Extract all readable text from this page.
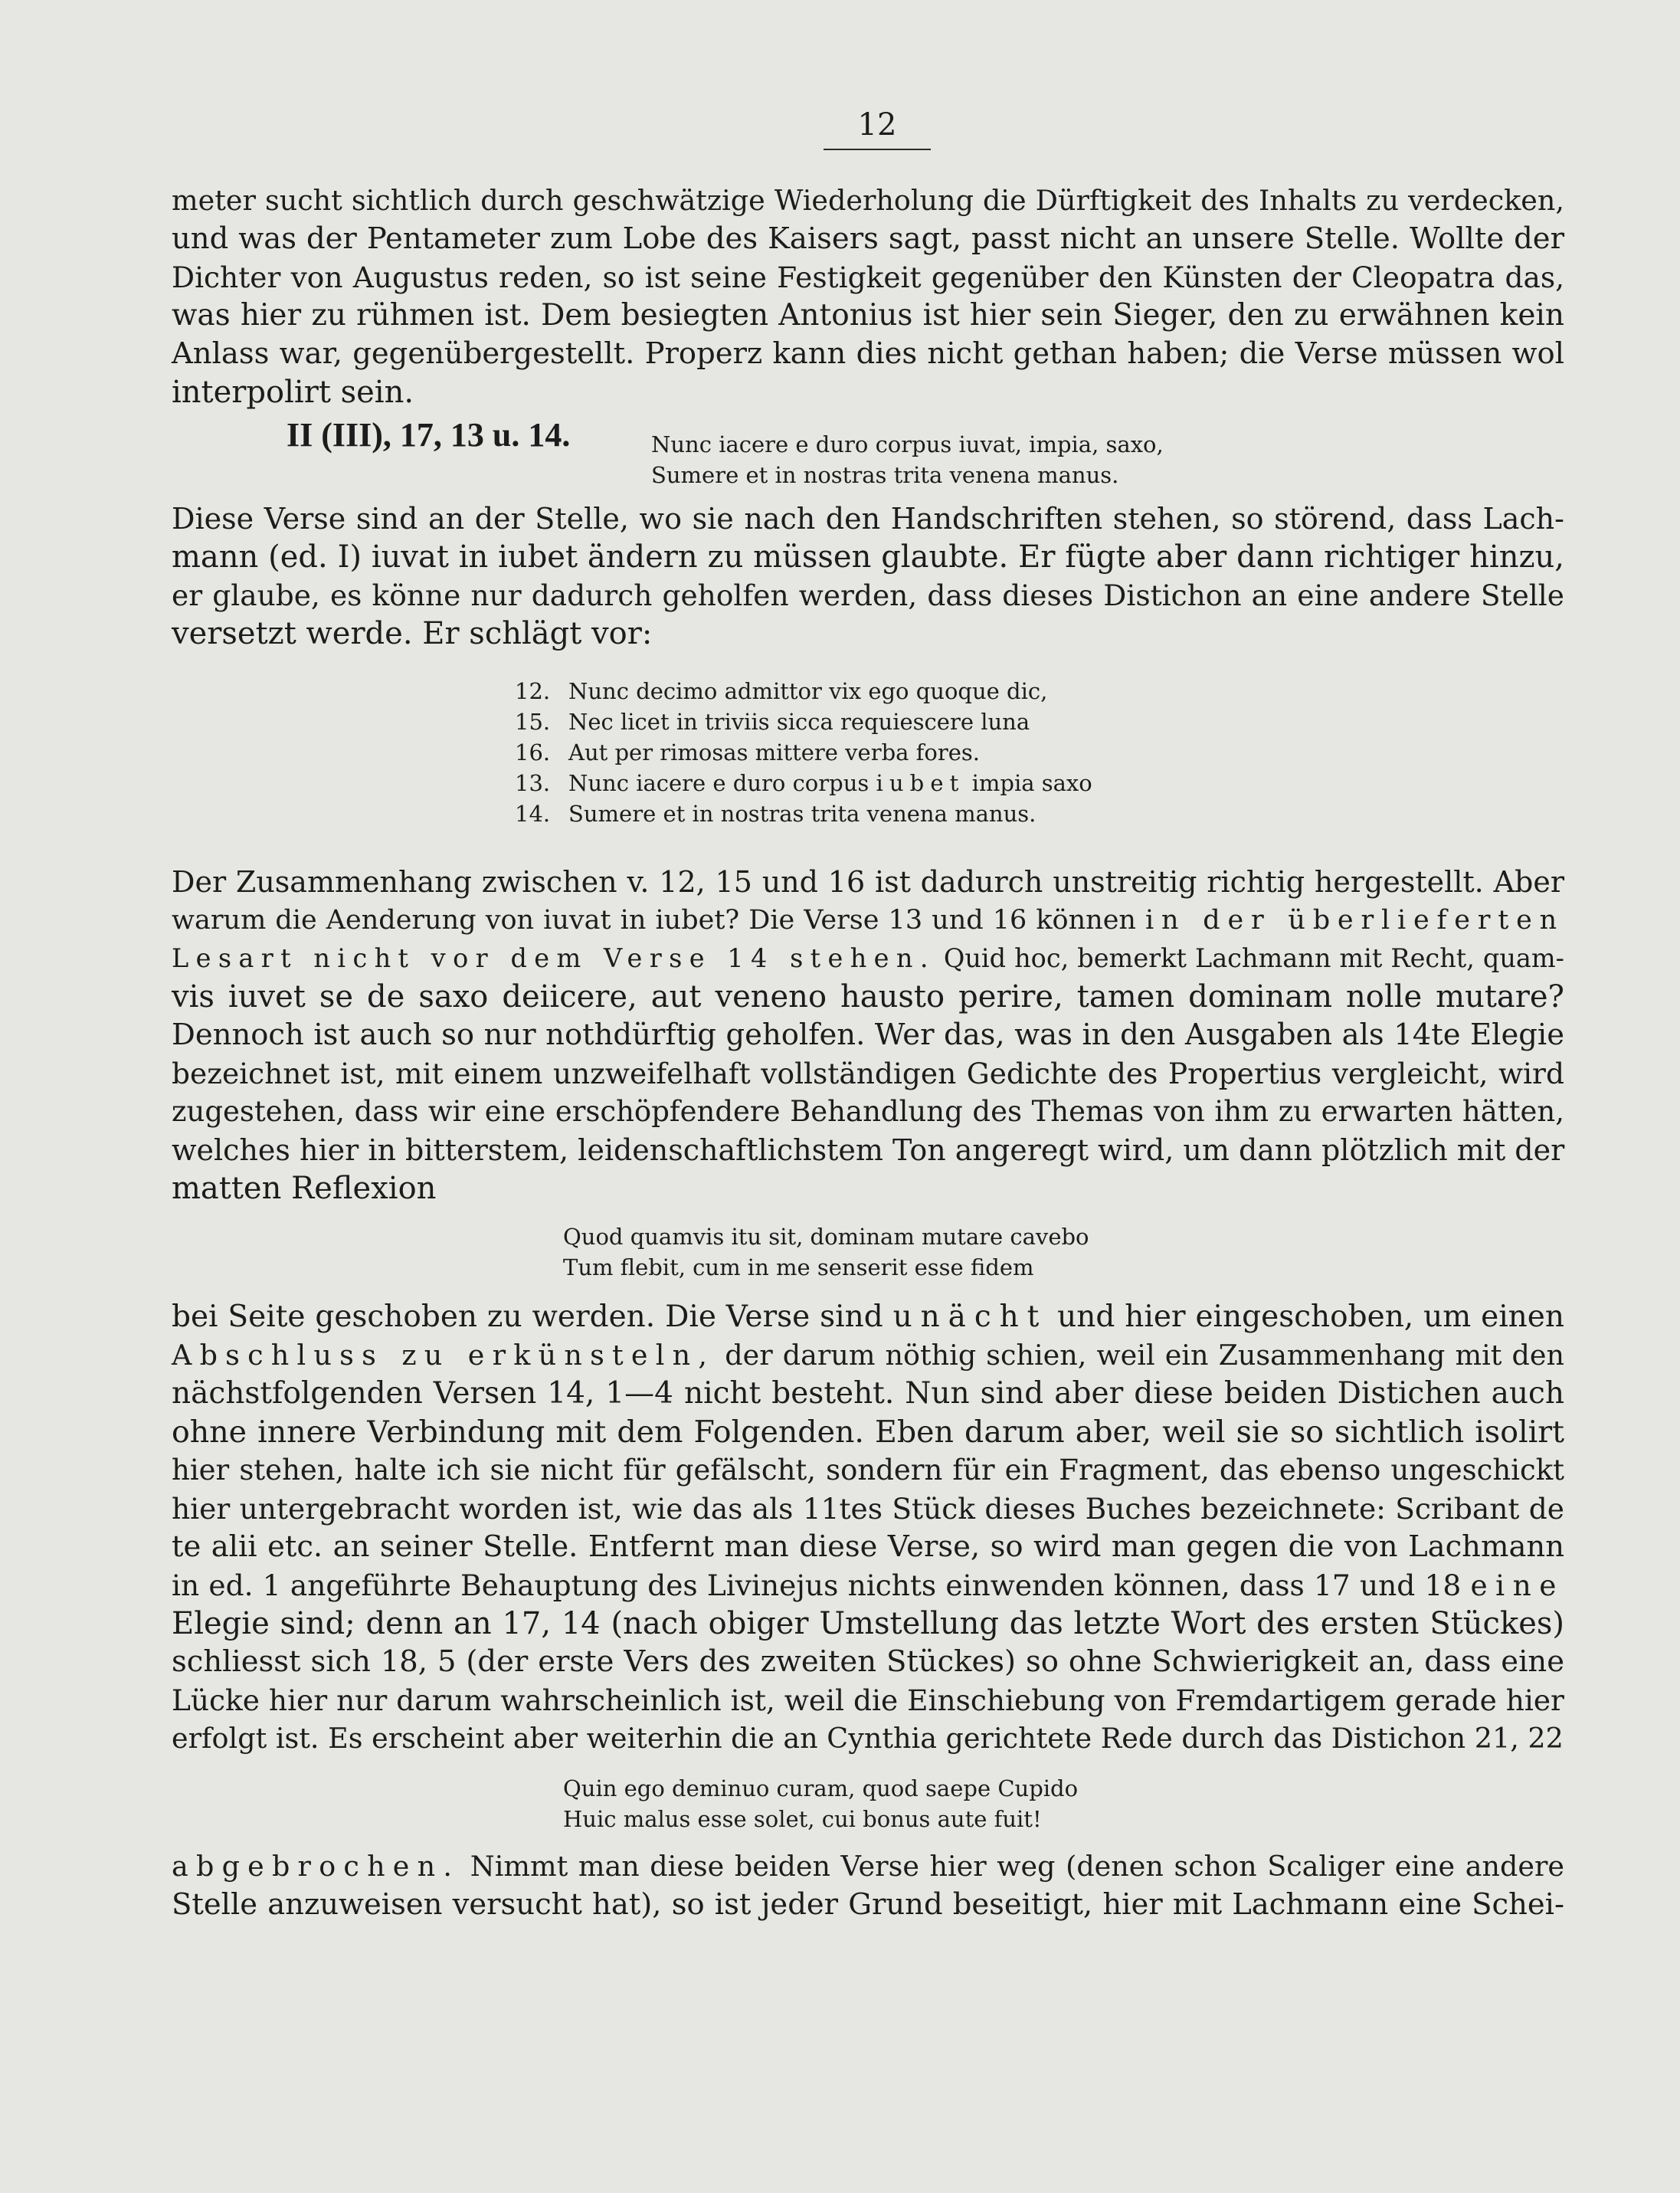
12
meter sucht sichtlich durch geschwätzige Wiederholung die Dürftigkeit des Inhalts zu verdecken,
und was der Pentameter zum Lobe des Kaisers sagt, passt nicht an unsere Stelle. Wollte der
Dichter von Augustus reden, so ist seine Festigkeit gegenüber den Künsten der Cleopatra das,
was hier zu rühmen ist. Dem besiegten Antonius ist hier sein Sieger, den zu erwähnen kein
Anlass war, gegenübergestellt. Properz kann dies nicht gethan haben; die Verse müssen wol
interpolirt sein.
II (III), 17, 13 u. 14.	Nunc iacere e duro corpus iuvat, impia, saxo,
Sumere et in nostras trita venena manus.
Diese Verse sind an der Stelle, wo sie nach den Handschriften stehen, so störend, dass Lach-
mann (ed. I) iuvat in iubet ändern zu müssen glaubte. Er fügte aber dann richtiger hinzu,
er glaube, es könne nur dadurch geholfen werden, dass dieses Distichon an eine andere Stelle
versetzt werde. Er schlägt vor:
12. Nunc decimo admittor vix ego quoque dic,
15. Nec licet in triviis sicca requiescere luna
16. Aut per rimosas mittere verba fores.
13. Nunc iacere e duro corpus iubet impia saxo
14. Sumere et in nostras trita venena manus.
Der Zusammenhang zwischen v. 12, 15 und 16 ist dadurch unstreitig richtig hergestellt. Aber
warum die Aenderung von iuvat in iubet? Die Verse 13 und 16 können in der überlieferten
Lesart nicht vor dem Verse 14 stehen. Quid hoc, bemerkt Lachmann mit Recht, quam-
vis iuvet se de saxo deiicere, aut veneno hausto perire, tamen dominam nolle mutare?
Dennoch ist auch so nur nothdürftig geholfen. Wer das, was in den Ausgaben als 14te Elegie
bezeichnet ist, mit einem unzweifelhaft vollständigen Gedichte des Propertius vergleicht, wird
zugestehen, dass wir eine erschöpfendere Behandlung des Themas von ihm zu erwarten hätten,
welches hier in bitterstem, leidenschaftlichstem Ton angeregt wird, um dann plötzlich mit der
matten Reflexion
Quod quamvis itu sit, dominam mutare cavebo
Tum flebit, cum in me senserit esse fidem
bei Seite geschoben zu werden. Die Verse sind unächt und hier eingeschoben, um einen
Abschluss zu erkünsteln, der darum nöthig schien, weil ein Zusammenhang mit den
nächstfolgenden Versen 14, 1—4 nicht besteht. Nun sind aber diese beiden Distichen auch
ohne innere Verbindung mit dem Folgenden. Eben darum aber, weil sie so sichtlich isolirt
hier stehen, halte ich sie nicht für gefälscht, sondern für ein Fragment, das ebenso ungeschickt
hier untergebracht worden ist, wie das als 11tes Stück dieses Buches bezeichnete: Scribant de
te alii etc. an seiner Stelle. Entfernt man diese Verse, so wird man gegen die von Lachmann
in ed. 1 angeführte Behauptung des Livinejus nichts einwenden können, dass 17 und 18 eine
Elegie sind; denn an 17, 14 (nach obiger Umstellung das letzte Wort des ersten Stückes)
schliesst sich 18, 5 (der erste Vers des zweiten Stückes) so ohne Schwierigkeit an, dass eine
Lücke hier nur darum wahrscheinlich ist, weil die Einschiebung von Fremdartigem gerade hier
erfolgt ist. Es erscheint aber weiterhin die an Cynthia gerichtete Rede durch das Distichon 21, 22
Quin ego deminuo curam, quod saepe Cupido
Huic malus esse solet, cui bonus aute fuit!
abgebrochen. Nimmt man diese beiden Verse hier weg (denen schon Scaliger eine andere
Stelle anzuweisen versucht hat), so ist jeder Grund beseitigt, hier mit Lachmann eine Schei-
